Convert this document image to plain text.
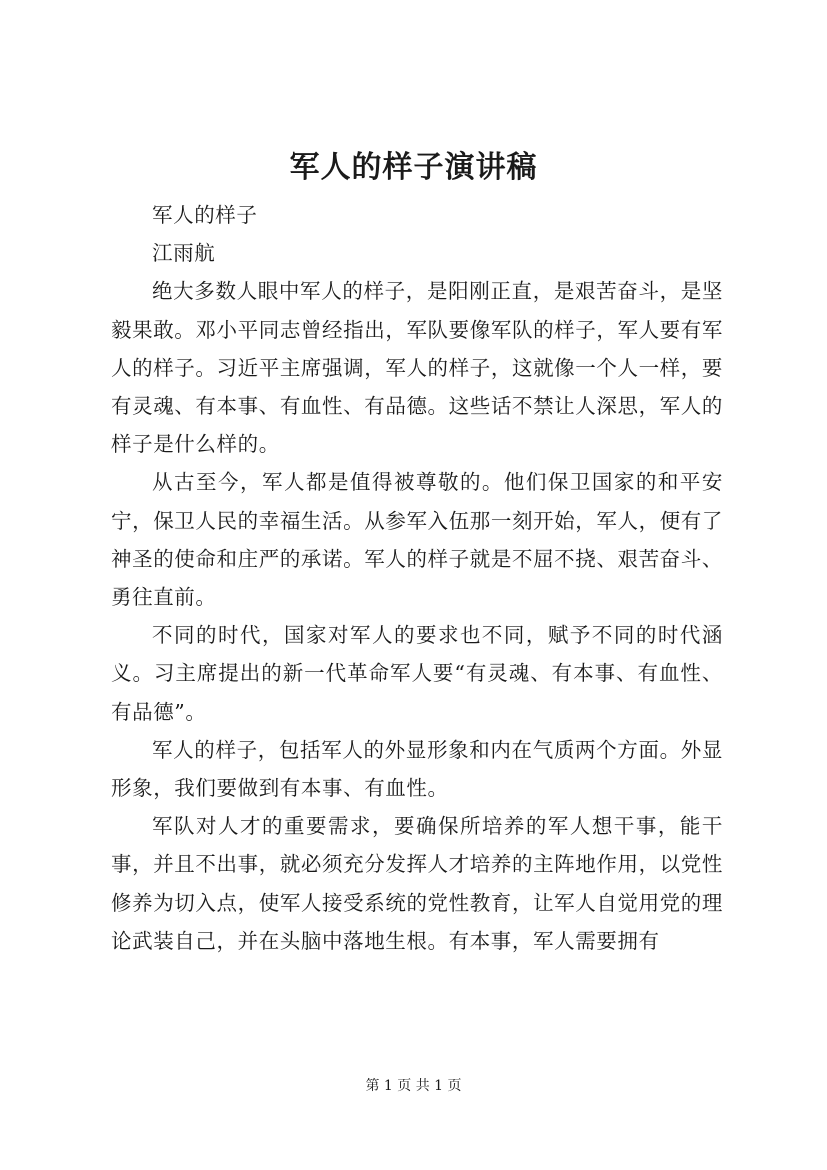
军人的样子演讲稿

军人的样子

江雨航

绝大多数人眼中军人的样子，是阳刚正直，是艰苦奋斗，是坚毅果敢。邓小平同志曾经指出，军队要像军队的样子，军人要有军人的样子。习近平主席强调，军人的样子，这就像一个人一样，要有灵魂、有本事、有血性、有品德。这些话不禁让人深思，军人的样子是什么样的。

从古至今，军人都是值得被尊敬的。他们保卫国家的和平安宁，保卫人民的幸福生活。从参军入伍那一刻开始，军人，便有了神圣的使命和庄严的承诺。军人的样子就是不屈不挠、艰苦奋斗、勇往直前。

不同的时代，国家对军人的要求也不同，赋予不同的时代涵义。习主席提出的新一代革命军人要“有灵魂、有本事、有血性、有品德”。

军人的样子，包括军人的外显形象和内在气质两个方面。外显形象，我们要做到有本事、有血性。

军队对人才的重要需求，要确保所培养的军人想干事，能干事，并且不出事，就必须充分发挥人才培养的主阵地作用，以党性修养为切入点，使军人接受系统的党性教育，让军人自觉用党的理论武装自己，并在头脑中落地生根。有本事，军人需要拥有

第 1 页 共 1 页
